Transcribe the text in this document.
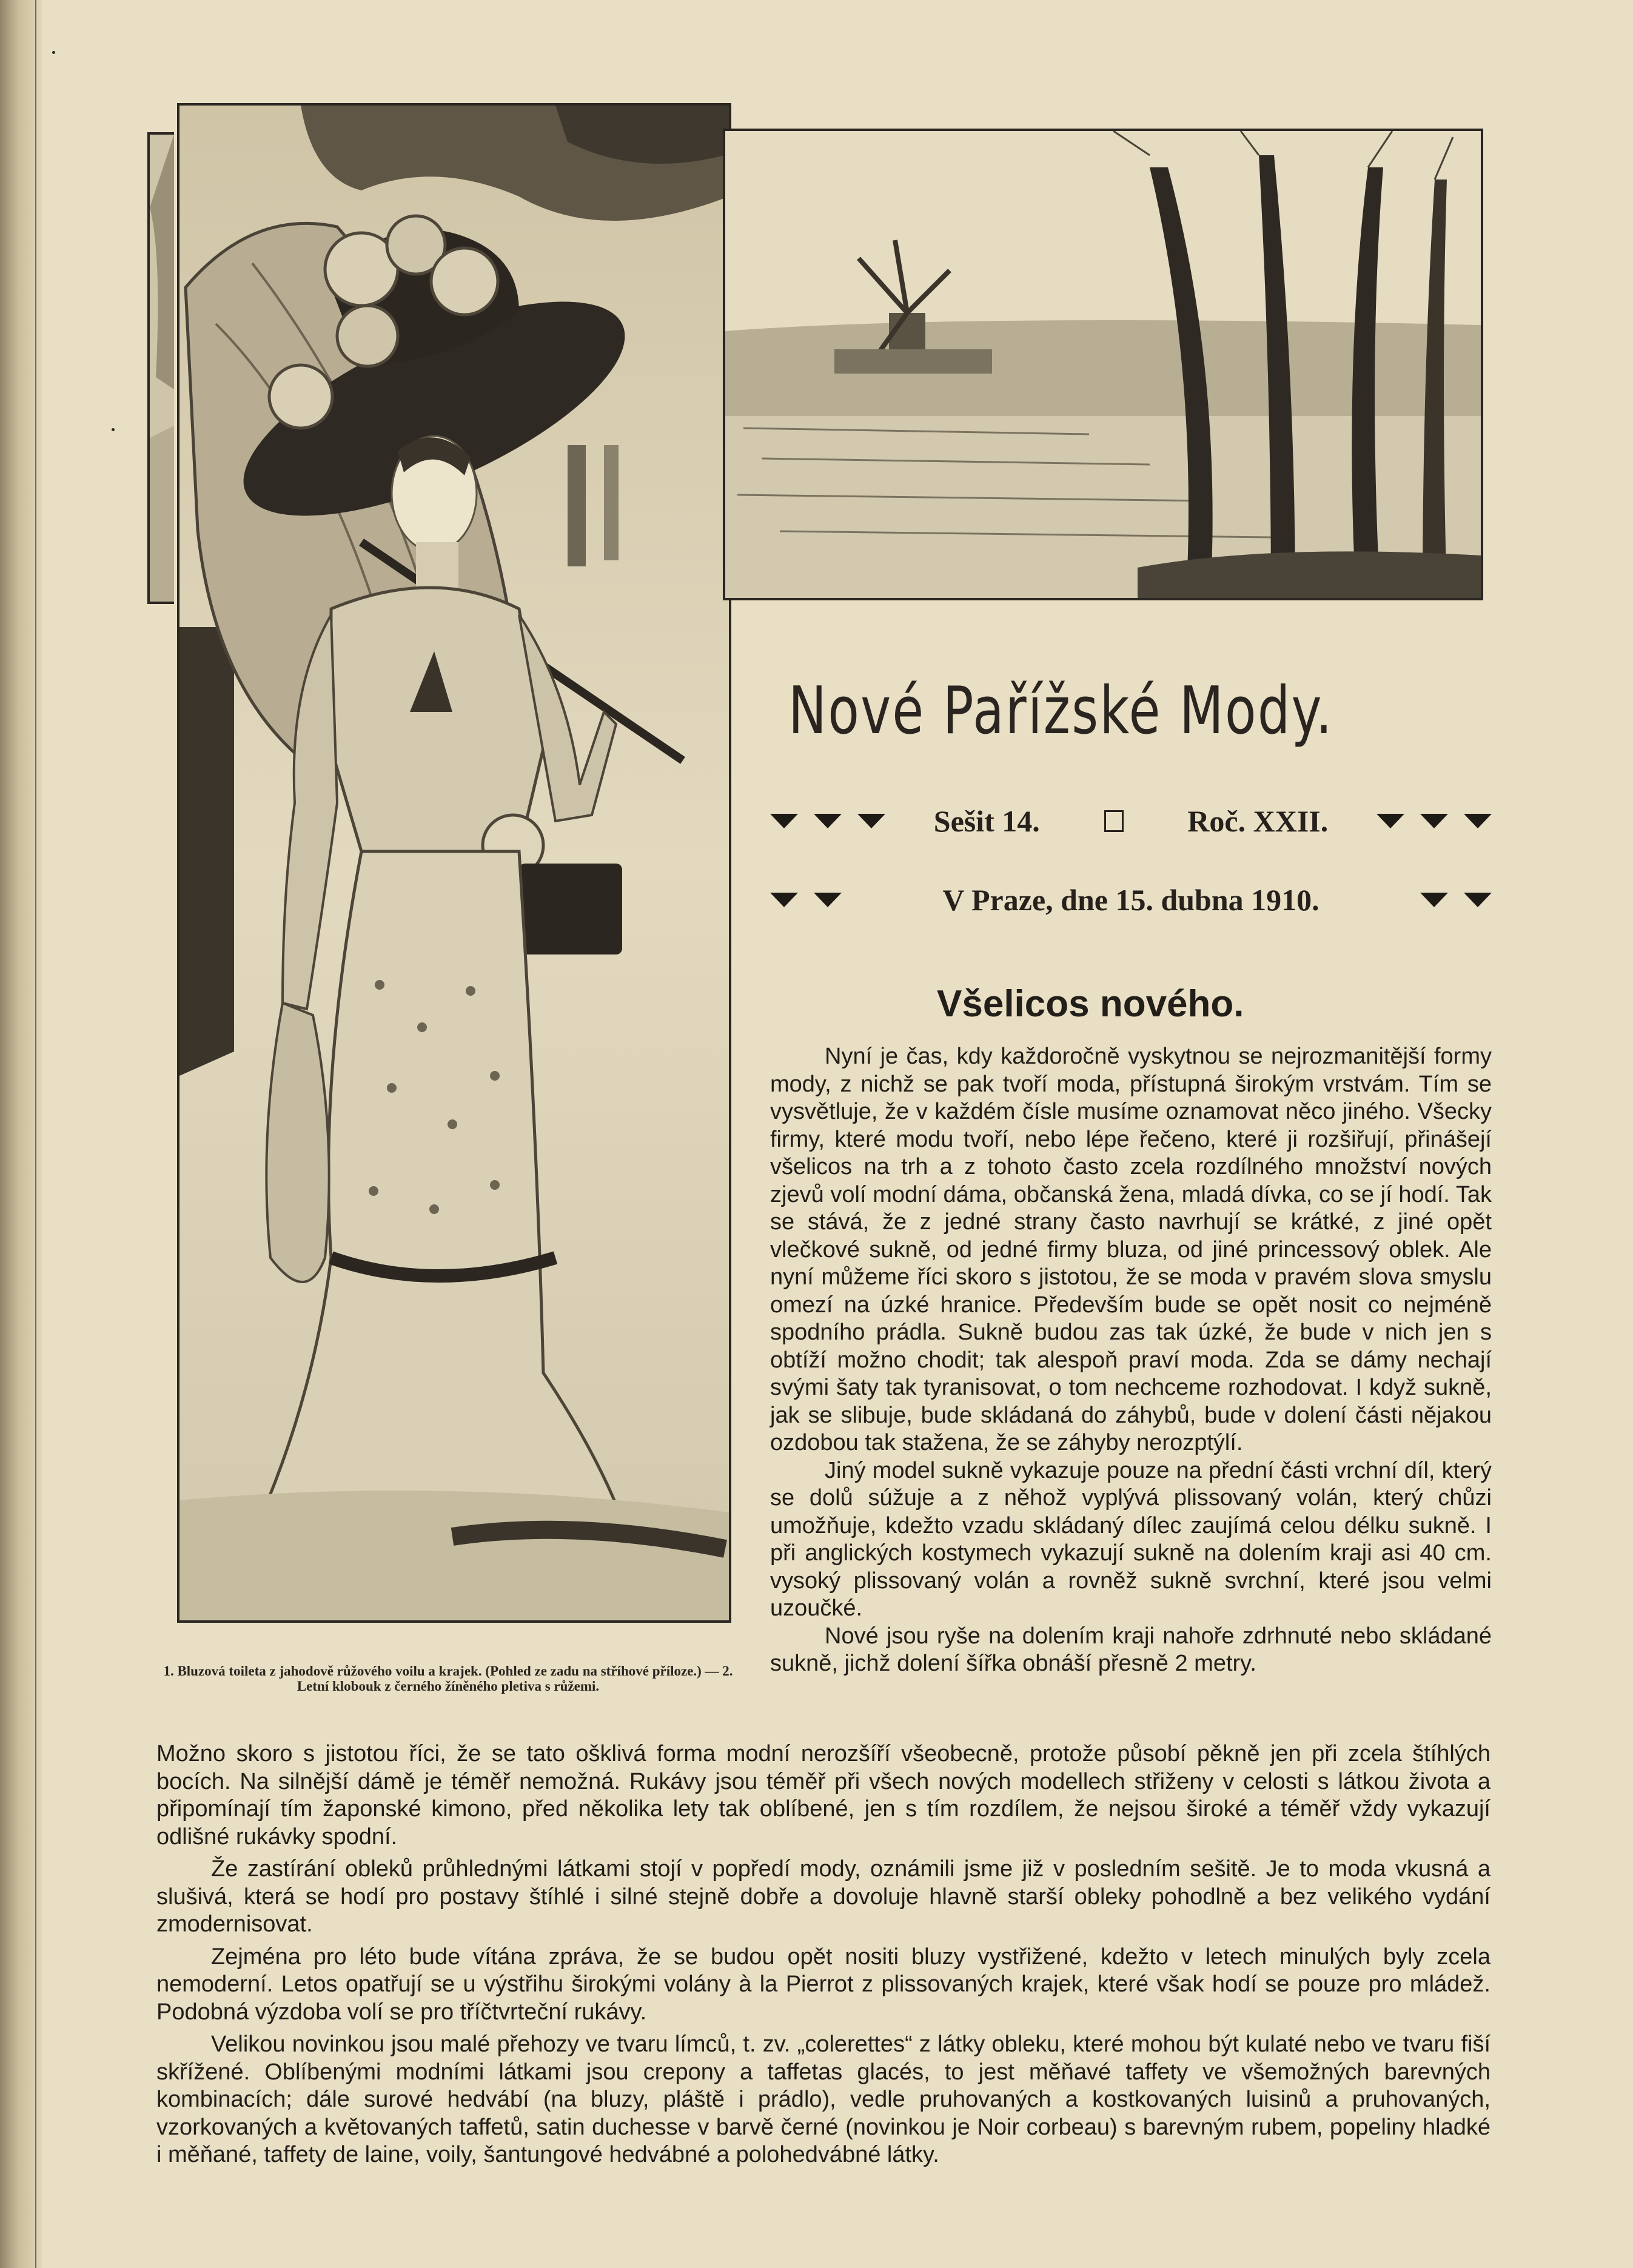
Nové Pařížské Mody.
Sešit 14.	Roč. XXII.
V Praze, dne 15. dubna 1910.
Všelicos nového.

Nyní je čas, kdy každoročně vyskytnou se nejrozmanitější formy mody, z nichž se pak tvoří moda, přístupná širokým vrstvám. Tím se vysvětluje, že v každém čísle musíme oznamovat něco jiného. Všecky firmy, které modu tvoří, nebo lépe řečeno, které ji rozšiřují, přinášejí všelicos na trh a z tohoto často zcela rozdílného množství nových zjevů volí modní dáma, občanská žena, mladá dívka, co se jí hodí. Tak se stává, že z jedné strany často navrhují se krátké, z jiné opět vlečkové sukně, od jedné firmy bluza, od jiné princessový oblek. Ale nyní můžeme říci skoro s jistotou, že se moda v pravém slova smyslu omezí na úzké hranice. Především bude se opět nosit co nejméně spodního prádla. Sukně budou zas tak úzké, že bude v nich jen s obtíží možno chodit; tak alespoň praví moda. Zda se dámy nechají svými šaty tak tyranisovat, o tom nechceme rozhodovat. I když sukně, jak se slibuje, bude skládaná do záhybů, bude v dolení části nějakou ozdobou tak stažena, že se záhyby nerozptýlí.

Jiný model sukně vykazuje pouze na přední části vrchní díl, který se dolů súžuje a z něhož vyplývá plissovaný volán, který chůzi umožňuje, kdežto vzadu skládaný dílec zaujímá celou délku sukně. I při anglických kostymech vykazují sukně na dolením kraji asi 40 cm. vysoký plissovaný volán a rovněž sukně svrchní, které jsou velmi uzoučké.

Nové jsou ryše na dolením kraji nahoře zdrhnuté nebo skládané sukně, jichž dolení šířka obnáší přesně 2 metry.

1. Bluzová toileta z jahodově růžového voilu a krajek. (Pohled ze zadu na stříhové příloze.) — 2. Letní klobouk z černého žíněného pletiva s růžemi.

Možno skoro s jistotou říci, že se tato ošklivá forma modní nerozšíří všeobecně, protože působí pěkně jen při zcela štíhlých bocích. Na silnější dámě je téměř nemožná. Rukávy jsou téměř při všech nových modellech střiženy v celosti s látkou života a připomínají tím žaponské kimono, před několika lety tak oblíbené, jen s tím rozdílem, že nejsou široké a téměř vždy vykazují odlišné rukávky spodní.

Že zastírání obleků průhlednými látkami stojí v popředí mody, oznámili jsme již v posledním sešitě. Je to moda vkusná a slušivá, která se hodí pro postavy štíhlé i silné stejně dobře a dovoluje hlavně starší obleky pohodlně a bez velikého vydání zmodernisovat.

Zejména pro léto bude vítána zpráva, že se budou opět nositi bluzy vystřižené, kdežto v letech minulých byly zcela nemoderní. Letos opatřují se u výstřihu širokými volány à la Pierrot z plissovaných krajek, které však hodí se pouze pro mládež. Podobná výzdoba volí se pro tříčtvrteční rukávy.

Velikou novinkou jsou malé přehozy ve tvaru límců, t. zv. „colerettes“ z látky obleku, které mohou být kulaté nebo ve tvaru fiší skřížené. Oblíbenými modními látkami jsou crepony a taffetas glacés, to jest měňavé taffety ve všemožných barevných kombinacích; dále surové hedvábí (na bluzy, pláště i prádlo), vedle pruhovaných a kostkovaných luisinů a pruhovaných, vzorkovaných a květovaných taffetů, satin duchesse v barvě černé (novinkou je Noir corbeau) s barevným rubem, popeliny hladké i měňané, taffety de laine, voily, šantungové hedvábné a polohedvábné látky.
